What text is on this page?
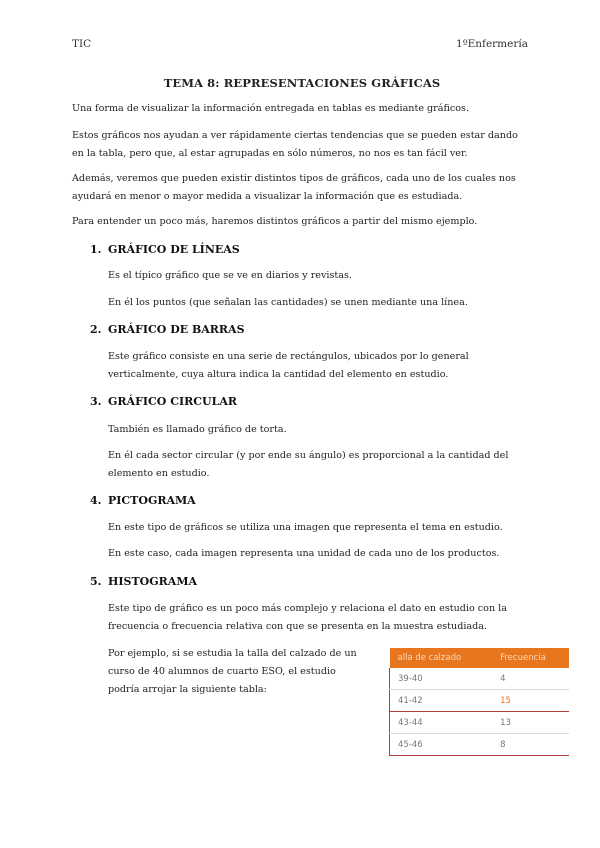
TIC	1ºEnfermería
TEMA 8: REPRESENTACIONES GRÁFICAS
Una forma de visualizar la información entregada en tablas es mediante gráficos.
Estos gráficos nos ayudan a ver rápidamente ciertas tendencias que se pueden estar dando en la tabla, pero que, al estar agrupadas en sólo números, no nos es tan fácil ver.
Además, veremos que pueden existir distintos tipos de gráficos, cada uno de los cuales nos ayudará en menor o mayor medida a visualizar la información que es estudiada.
Para entender un poco más, haremos distintos gráficos a partir del mismo ejemplo.
1. GRÁFICO DE LÍNEAS
Es el típico gráfico que se ve en diarios y revistas.
En él los puntos (que señalan las cantidades) se unen mediante una línea.
2. GRÁFICO DE BARRAS
Este gráfico consiste en una serie de rectángulos, ubicados por lo general verticalmente, cuya altura indica la cantidad del elemento en estudio.
3. GRÁFICO CIRCULAR
También es llamado gráfico de torta.
En él cada sector circular (y por ende su ángulo) es proporcional a la cantidad del elemento en estudio.
4. PICTOGRAMA
En este tipo de gráficos se utiliza una imagen que representa el tema en estudio.
En este caso, cada imagen representa una unidad de cada uno de los productos.
5. HISTOGRAMA
Este tipo de gráfico es un poco más complejo y relaciona el dato en estudio con la frecuencia o frecuencia relativa con que se presenta en la muestra estudiada.
Por ejemplo, si se estudia la talla del calzado de un curso de 40 alumnos de cuarto ESO, el estudio podría arrojar la siguiente tabla:
alla de calzado	Frecuencia
39-40	4
41-42	15
43-44	13
45-46	8
